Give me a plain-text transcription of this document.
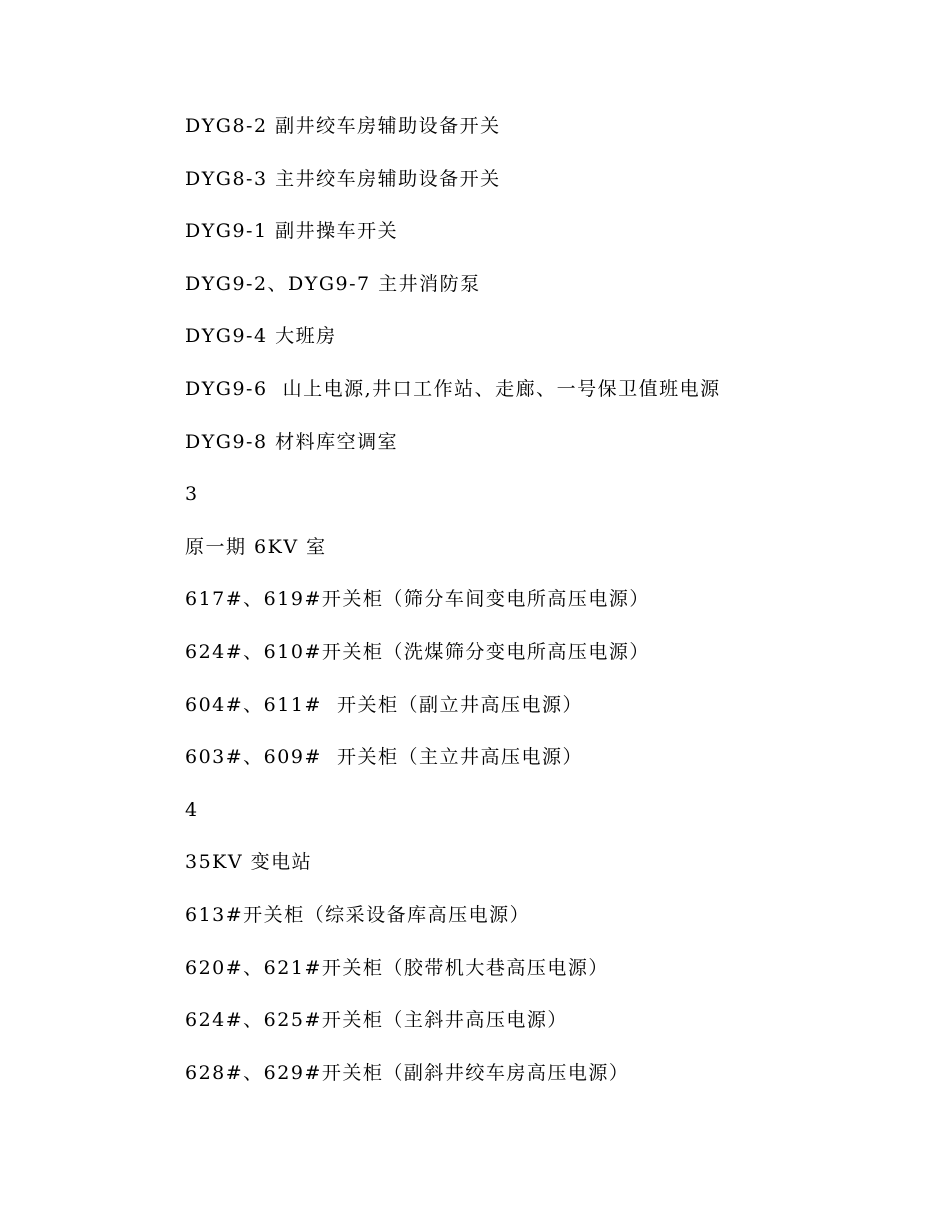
DYG8-2 副井绞车房辅助设备开关
DYG8-3 主井绞车房辅助设备开关
DYG9-1 副井操车开关
DYG9-2、DYG9-7 主井消防泵
DYG9-4 大班房
DYG9-6  山上电源,井口工作站、走廊、一号保卫值班电源
DYG9-8 材料库空调室
3
原一期 6KV 室
617#、619#开关柜（筛分车间变电所高压电源）
624#、610#开关柜（洗煤筛分变电所高压电源）
604#、611#  开关柜（副立井高压电源）
603#、609#  开关柜（主立井高压电源）
4
35KV 变电站
613#开关柜（综采设备库高压电源）
620#、621#开关柜（胶带机大巷高压电源）
624#、625#开关柜（主斜井高压电源）
628#、629#开关柜（副斜井绞车房高压电源）
